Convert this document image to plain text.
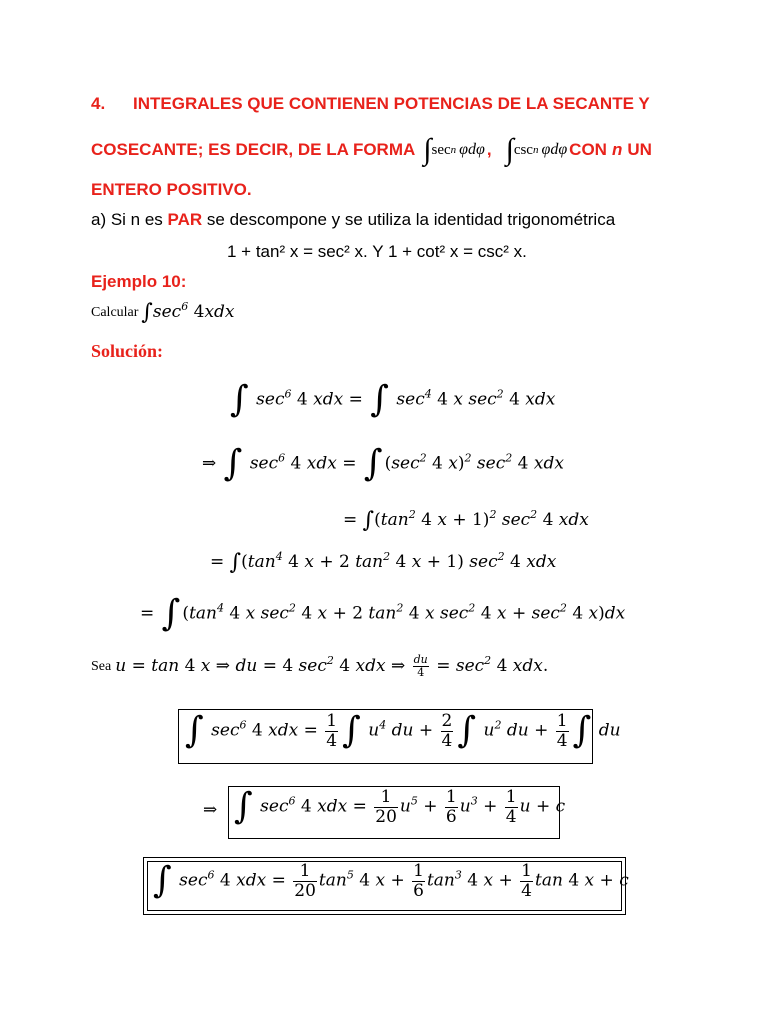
4. INTEGRALES QUE CONTIENEN POTENCIAS DE LA SECANTE Y
COSECANTE; ES DECIR, DE LA FORMA ∫ sec n φdφ , ∫ csc n φdφ CON n UN
ENTERO POSITIVO.
a) Si n es PAR se descompone y se utiliza la identidad trigonométrica
1 + tan² x = sec² x. Y 1 + cot² x = csc² x.
Ejemplo 10:
Calcular $\int\sec^6$ 4xdx
Solución:
∫ $\sec^6 4$ xdx = ∫ $\sec^4 4$ x $\sec^2 4$ xdx
⇒ ∫ $\sec^6 4$ xdx = ∫ ($\sec^2$ 4 x)$^2$ $\sec^2 4$ xdx
= $\int(\tan^2$ 4 x + 1)$^2$ $\sec^2 4$ xdx
= $\int(\tan^4$ 4 x + 2 $\tan^2 4$ x + 1) $\sec^2 4$ xdx
= ∫ ($\tan^4$ 4 x $\sec^2 4$ x + 2 $\tan^2 4$ x $\sec^2 4$ $x + \sec^2 4$ x)dx
Sea u = tan 4 x ⇒ du = 4 $\sec^2 4$ xdx ⇒ $\frac{du}{4} = \sec^2 4$ xdx.
∫ $\sec^6 4$ xdx = $\frac{1}{4}$ ∫ $u^4$ du + $\frac{2}{4}$ ∫ $u^2$ du + $\frac{1}{4}$ ∫ du
⇒ ∫ $\sec^6 4$ xdx = $\frac{1}{20} u^5 + \frac{1}{6} u^3 + \frac{1}{4}$ u + c
∫ $\sec^6 4$ xdx = $\frac{1}{20} \tan^5 4$ $x + \frac{1}{6} \tan^3 4$ $x + \frac{1}{4}$ tan 4 x + c
